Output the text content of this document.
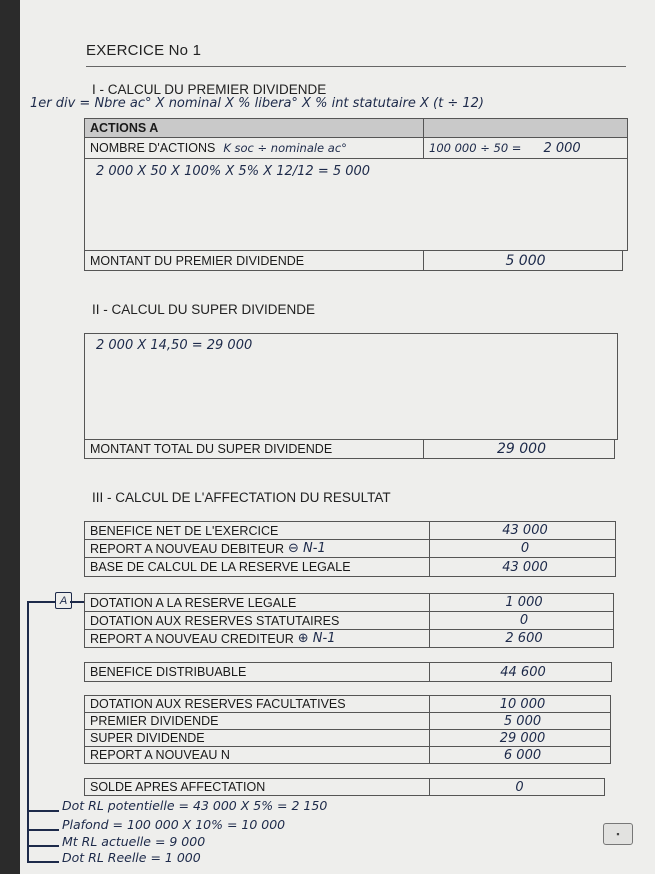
EXERCICE No 1
I - CALCUL DU PREMIER DIVIDENDE
1er div = Nbre ac° X nominal X % libera° X % int statutaire X (t ÷ 12)
ACTIONS A
NOMBRE D'ACTIONS K soc ÷ nominale ac°	100 000 ÷ 50 = 2 000
2 000 X 50 X 100% X 5% X 12/12 = 5 000
MONTANT DU PREMIER DIVIDENDE	5 000
II - CALCUL DU SUPER DIVIDENDE
2 000 X 14,50 = 29 000
MONTANT TOTAL DU SUPER DIVIDENDE	29 000
III - CALCUL DE L'AFFECTATION DU RESULTAT
BENEFICE NET DE L'EXERCICE	43 000
REPORT A NOUVEAU DEBITEUR ⊖ N-1	0
BASE DE CALCUL DE LA RESERVE LEGALE	43 000
DOTATION A LA RESERVE LEGALE	1 000
DOTATION AUX RESERVES STATUTAIRES	0
REPORT A NOUVEAU CREDITEUR ⊕ N-1	2 600
BENEFICE DISTRIBUABLE	44 600
DOTATION AUX RESERVES FACULTATIVES	10 000
PREMIER DIVIDENDE	5 000
SUPER DIVIDENDE	29 000
REPORT A NOUVEAU N	6 000
SOLDE APRES AFFECTATION	0
A
Dot RL potentielle = 43 000 X 5% = 2 150
Plafond = 100 000 X 10% = 10 000
Mt RL actuelle = 9 000
Dot RL Reelle = 1 000
▪
